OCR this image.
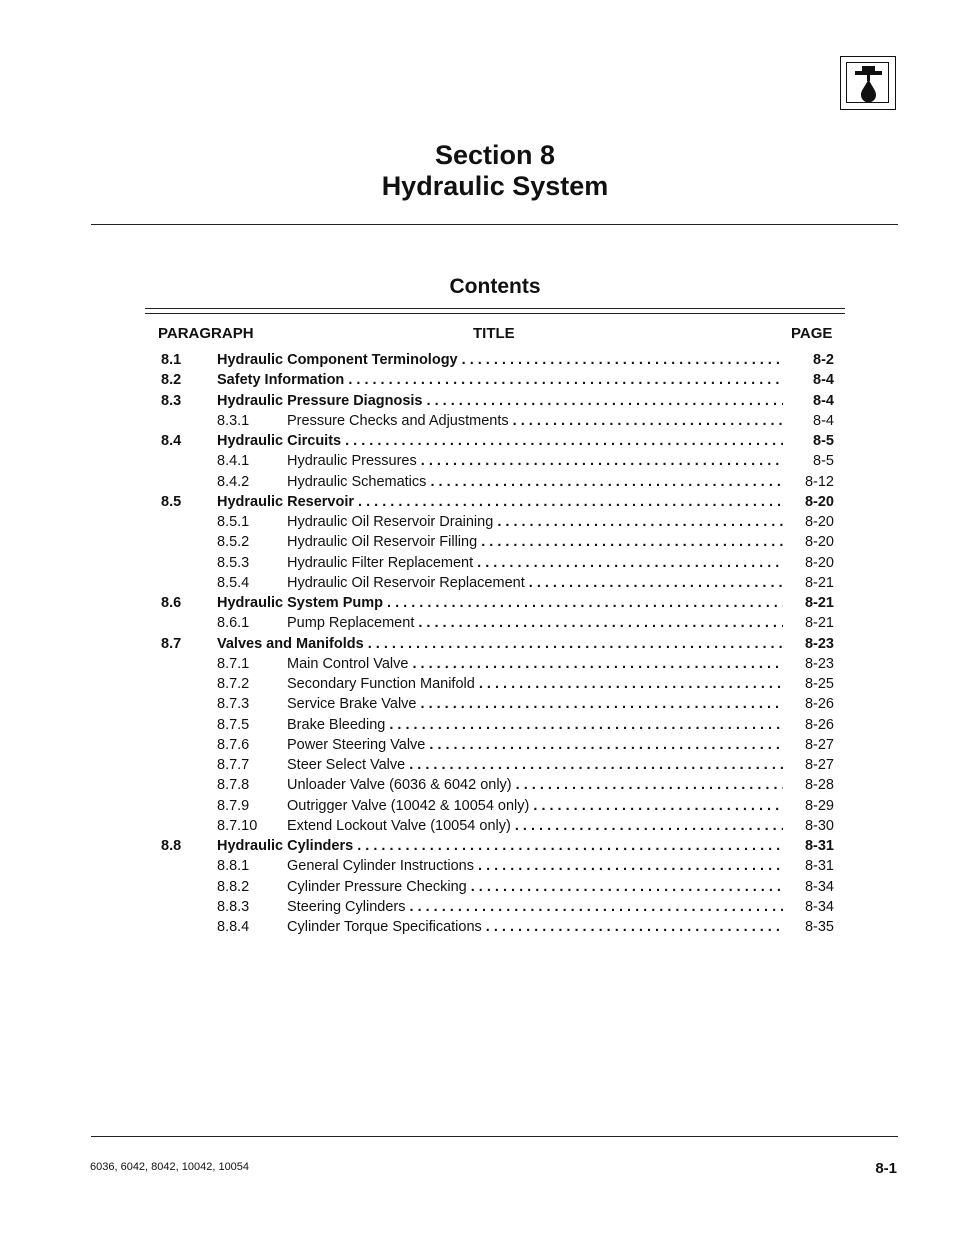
Section 8
Hydraulic System
Contents
PARAGRAPH	TITLE	PAGE
8.1 Hydraulic Component Terminology . . .	8-2
8.2 Safety Information . . .	8-4
8.3 Hydraulic Pressure Diagnosis . . .	8-4
8.3.1	Pressure Checks and Adjustments . . .	8-4
8.4 Hydraulic Circuits . . .	8-5
8.4.1	Hydraulic Pressures . . .	8-5
8.4.2	Hydraulic Schematics . . .	8-12
8.5 Hydraulic Reservoir . . .	8-20
8.5.1	Hydraulic Oil Reservoir Draining . . .	8-20
8.5.2	Hydraulic Oil Reservoir Filling . . .	8-20
8.5.3	Hydraulic Filter Replacement . . .	8-20
8.5.4	Hydraulic Oil Reservoir Replacement . . .	8-21
8.6 Hydraulic System Pump . . .	8-21
8.6.1	Pump Replacement . . .	8-21
8.7 Valves and Manifolds . . .	8-23
8.7.1	Main Control Valve . . .	8-23
8.7.2	Secondary Function Manifold . . .	8-25
8.7.3	Service Brake Valve . . .	8-26
8.7.5	Brake Bleeding . . .	8-26
8.7.6	Power Steering Valve . . .	8-27
8.7.7	Steer Select Valve . . .	8-27
8.7.8	Unloader Valve (6036 & 6042 only) . . .	8-28
8.7.9	Outrigger Valve (10042 & 10054 only) . . .	8-29
8.7.10 Extend Lockout Valve (10054 only) . . .	8-30
8.8 Hydraulic Cylinders . . .	8-31
8.8.1	General Cylinder Instructions . . .	8-31
8.8.2	Cylinder Pressure Checking . . .	8-34
8.8.3	Steering Cylinders . . .	8-34
8.8.4	Cylinder Torque Specifications . . .	8-35
6036, 6042, 8042, 10042, 10054	8-1
